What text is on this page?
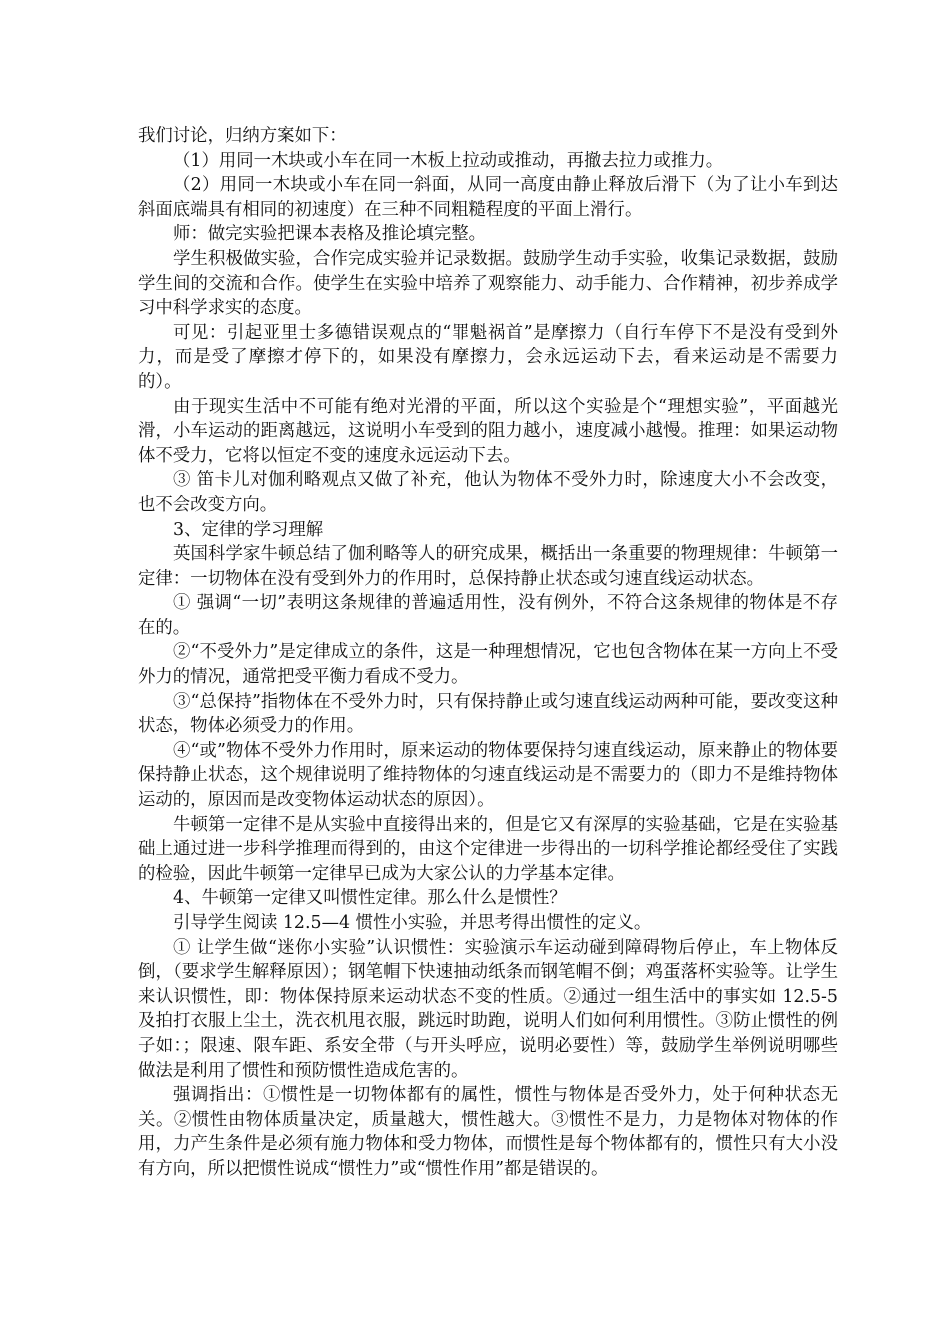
我们讨论，归纳方案如下：

（1）用同一木块或小车在同一木板上拉动或推动，再撤去拉力或推力。

（2）用同一木块或小车在同一斜面，从同一高度由静止释放后滑下（为了让小车到达斜面底端具有相同的初速度）在三种不同粗糙程度的平面上滑行。

师：做完实验把课本表格及推论填完整。

学生积极做实验，合作完成实验并记录数据。鼓励学生动手实验，收集记录数据，鼓励学生间的交流和合作。使学生在实验中培养了观察能力、动手能力、合作精神，初步养成学习中科学求实的态度。

可见：引起亚里士多德错误观点的“罪魁祸首”是摩擦力（自行车停下不是没有受到外力，而是受了摩擦才停下的，如果没有摩擦力，会永远运动下去，看来运动是不需要力的）。

由于现实生活中不可能有绝对光滑的平面，所以这个实验是个“理想实验”，平面越光滑，小车运动的距离越远，这说明小车受到的阻力越小，速度减小越慢。推理：如果运动物体不受力，它将以恒定不变的速度永远运动下去。

③ 笛卡儿对伽利略观点又做了补充，他认为物体不受外力时，除速度大小不会改变，也不会改变方向。

3、定律的学习理解

英国科学家牛顿总结了伽利略等人的研究成果，概括出一条重要的物理规律：牛顿第一定律：一切物体在没有受到外力的作用时，总保持静止状态或匀速直线运动状态。

① 强调“一切”表明这条规律的普遍适用性，没有例外，不符合这条规律的物体是不存在的。

②“不受外力”是定律成立的条件，这是一种理想情况，它也包含物体在某一方向上不受外力的情况，通常把受平衡力看成不受力。

③“总保持”指物体在不受外力时，只有保持静止或匀速直线运动两种可能，要改变这种状态，物体必须受力的作用。

④“或”物体不受外力作用时，原来运动的物体要保持匀速直线运动，原来静止的物体要保持静止状态，这个规律说明了维持物体的匀速直线运动是不需要力的（即力不是维持物体运动的，原因而是改变物体运动状态的原因）。

牛顿第一定律不是从实验中直接得出来的，但是它又有深厚的实验基础，它是在实验基础上通过进一步科学推理而得到的，由这个定律进一步得出的一切科学推论都经受住了实践的检验，因此牛顿第一定律早已成为大家公认的力学基本定律。

4、牛顿第一定律又叫惯性定律。那么什么是惯性？

引导学生阅读 12.5—4 惯性小实验，并思考得出惯性的定义。

① 让学生做“迷你小实验”认识惯性：实验演示车运动碰到障碍物后停止，车上物体反倒，（要求学生解释原因）；钢笔帽下快速抽动纸条而钢笔帽不倒；鸡蛋落杯实验等。让学生来认识惯性，即：物体保持原来运动状态不变的性质。②通过一组生活中的事实如 12.5-5 及拍打衣服上尘土，洗衣机甩衣服，跳远时助跑，说明人们如何利用惯性。③防止惯性的例子如：；限速、限车距、系安全带（与开头呼应，说明必要性）等，鼓励学生举例说明哪些做法是利用了惯性和预防惯性造成危害的。

强调指出：①惯性是一切物体都有的属性，惯性与物体是否受外力，处于何种状态无关。②惯性由物体质量决定，质量越大，惯性越大。③惯性不是力，力是物体对物体的作用，力产生条件是必须有施力物体和受力物体，而惯性是每个物体都有的，惯性只有大小没有方向，所以把惯性说成“惯性力”或“惯性作用”都是错误的。
